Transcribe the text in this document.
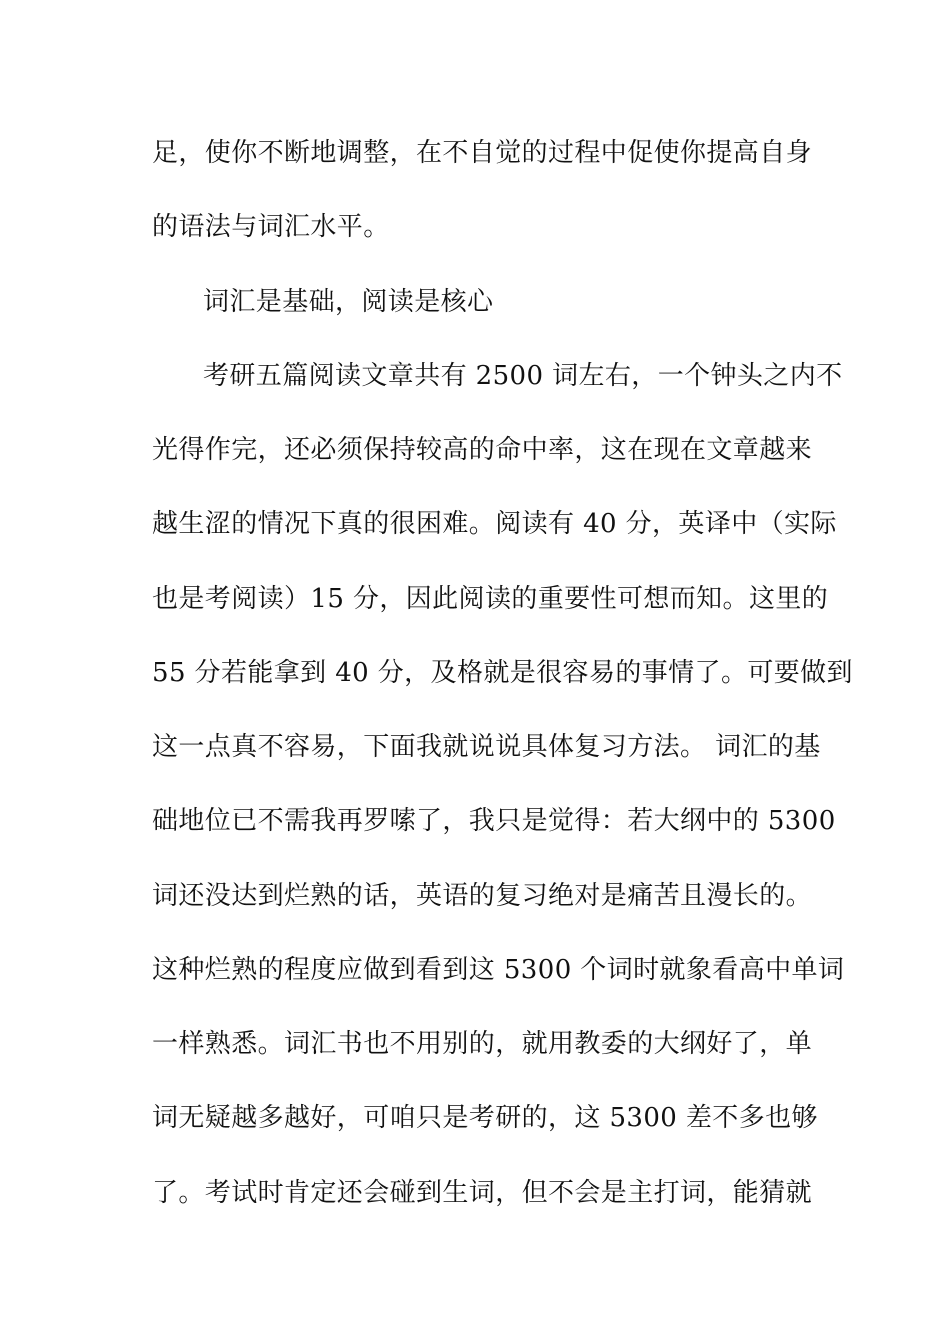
足，使你不断地调整，在不自觉的过程中促使你提高自身
的语法与词汇水平。
词汇是基础，阅读是核心
考研五篇阅读文章共有 2500 词左右，一个钟头之内不
光得作完，还必须保持较高的命中率，这在现在文章越来
越生涩的情况下真的很困难。阅读有 40 分，英译中（实际
也是考阅读）15 分，因此阅读的重要性可想而知。这里的
55 分若能拿到 40 分，及格就是很容易的事情了。可要做到
这一点真不容易，下面我就说说具体复习方法。 词汇的基
础地位已不需我再罗嗦了，我只是觉得：若大纲中的 5300
词还没达到烂熟的话，英语的复习绝对是痛苦且漫长的。
这种烂熟的程度应做到看到这 5300 个词时就象看高中单词
一样熟悉。词汇书也不用别的，就用教委的大纲好了，单
词无疑越多越好，可咱只是考研的，这 5300 差不多也够
了。考试时肯定还会碰到生词，但不会是主打词，能猜就
